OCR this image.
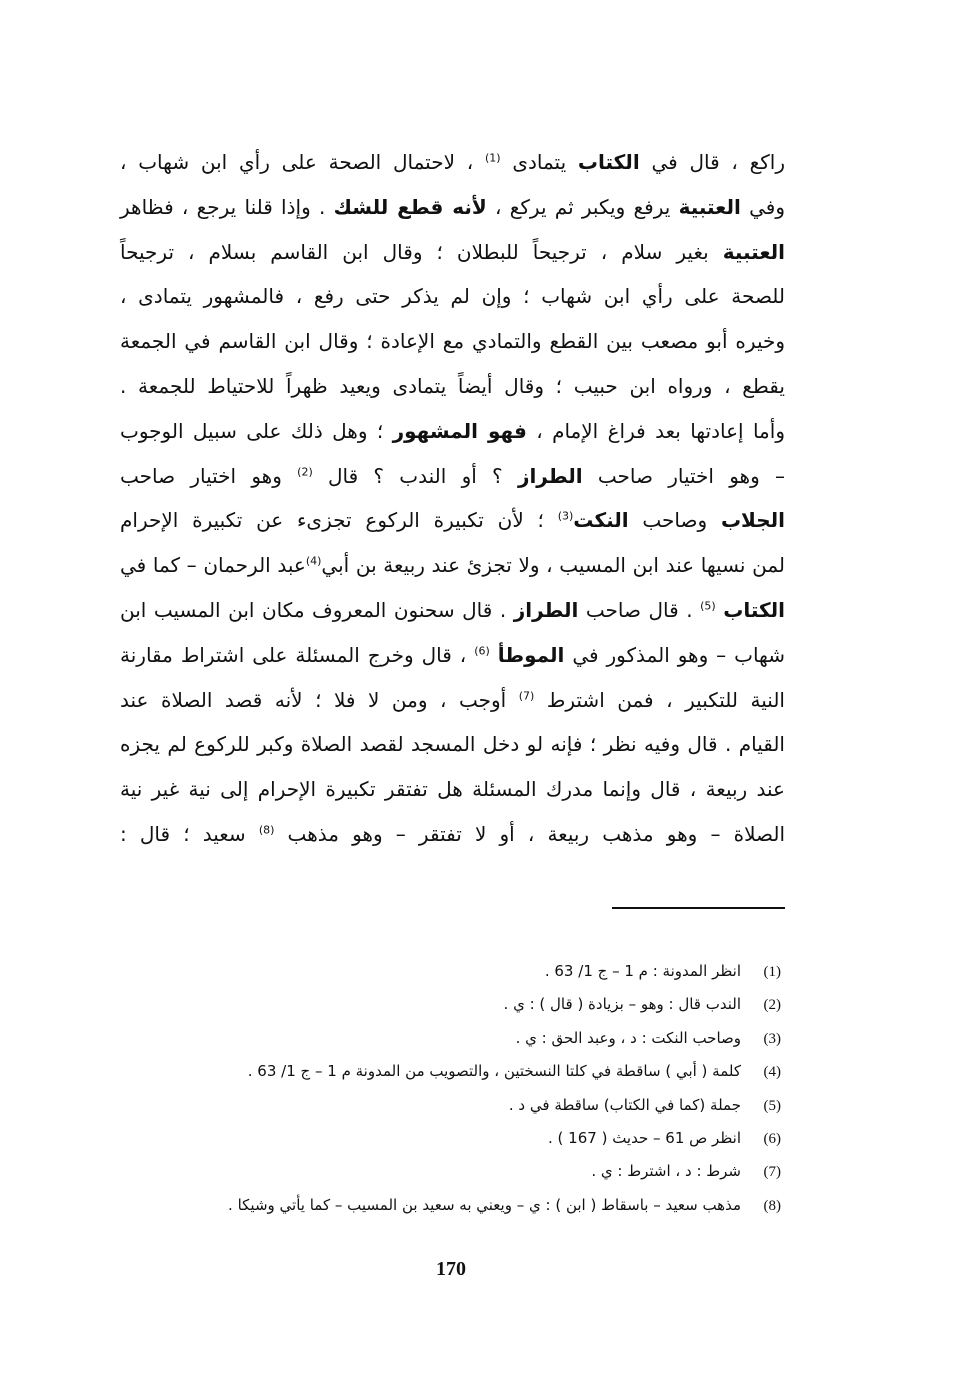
راكع ، قال في الكتاب يتمادى $^{(1)}$ ، لاحتمال الصحة على رأي ابن شهاب ،
وفي العتبية يرفع ويكبر ثم يركع ، لأنه قطع للشك . وإذا قلنا يرجع ، فظاهر
العتبية بغير سلام ، ترجيحاً للبطلان ؛ وقال ابن القاسم بسلام ، ترجيحاً
للصحة على رأي ابن شهاب ؛ وإن لم يذكر حتى رفع ، فالمشهور يتمادى ،
وخيره أبو مصعب بين القطع والتمادي مع الإعادة ؛ وقال ابن القاسم في الجمعة
يقطع ، ورواه ابن حبيب ؛ وقال أيضاً يتمادى ويعيد ظهراً للاحتياط للجمعة .
وأما إعادتها بعد فراغ الإمام ، فهو المشهور ؛ وهل ذلك على سبيل الوجوب
– وهو اختيار صاحب الطراز ؟ أو الندب ؟ قال $^{(2)}$ وهو اختيار صاحب
الجلاب وصاحب النكت$^{(3)}$ ؛ لأن تكبيرة الركوع تجزىء عن تكبيرة الإحرام
لمن نسيها عند ابن المسيب ، ولا تجزئ عند ربيعة بن أبي$^{(4)}$عبد الرحمان – كما في
الكتاب $^{(5)}$ . قال صاحب الطراز . قال سحنون المعروف مكان ابن المسيب ابن
شهاب – وهو المذكور في الموطأ $^{(6)}$ ، قال وخرج المسئلة على اشتراط مقارنة
النية للتكبير ، فمن اشترط $^{(7)}$ أوجب ، ومن لا فلا ؛ لأنه قصد الصلاة عند
القيام . قال وفيه نظر ؛ فإنه لو دخل المسجد لقصد الصلاة وكبر للركوع لم يجزه
عند ربيعة ، قال وإنما مدرك المسئلة هل تفتقر تكبيرة الإحرام إلى نية غير نية
الصلاة – وهو مذهب ربيعة ، أو لا تفتقر – وهو مذهب $^{(8)}$ سعيد ؛ قال :
(1)
انظر المدونة : م 1 – ج 1/ 63 .
(2)
الندب قال : وهو – بزيادة ( قال ) : ي .
(3)
وصاحب النكت : د ، وعبد الحق : ي .
(4)
كلمة ( أبي ) ساقطة في كلتا النسختين ، والتصويب من المدونة م 1 – ج 1/ 63 .
(5)
جملة (كما في الكتاب) ساقطة في د .
(6)
انظر ص 61 – حديث ( 167 ) .
(7)
شرط : د ، اشترط : ي .
(8)
مذهب سعيد – باسقاط ( ابن ) : ي – ويعني به سعيد بن المسيب – كما يأتي وشيكا .
170
